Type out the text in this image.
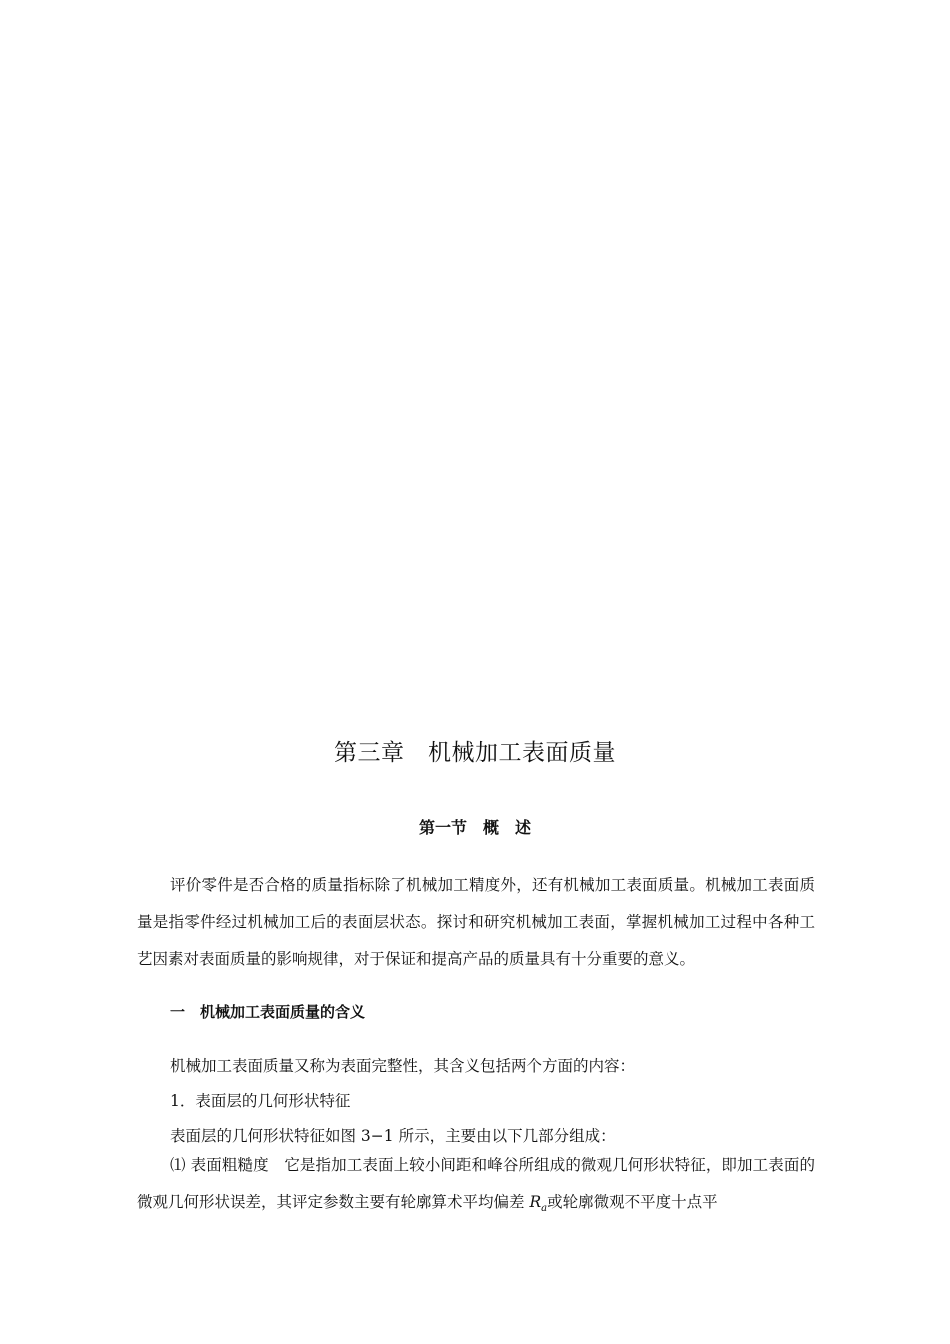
第三章　机械加工表面质量
第一节　概　述
评价零件是否合格的质量指标除了机械加工精度外，还有机械加工表面质量。机械加工表面质量是指零件经过机械加工后的表面层状态。探讨和研究机械加工表面，掌握机械加工过程中各种工艺因素对表面质量的影响规律，对于保证和提高产品的质量具有十分重要的意义。
一　机械加工表面质量的含义
机械加工表面质量又称为表面完整性，其含义包括两个方面的内容：
1．表面层的几何形状特征
表面层的几何形状特征如图 3−1 所示，主要由以下几部分组成：
⑴ 表面粗糙度　它是指加工表面上较小间距和峰谷所组成的微观几何形状特征，即加工表面的微观几何形状误差，其评定参数主要有轮廓算术平均偏差 $R_a$或轮廓微观不平度十点平
